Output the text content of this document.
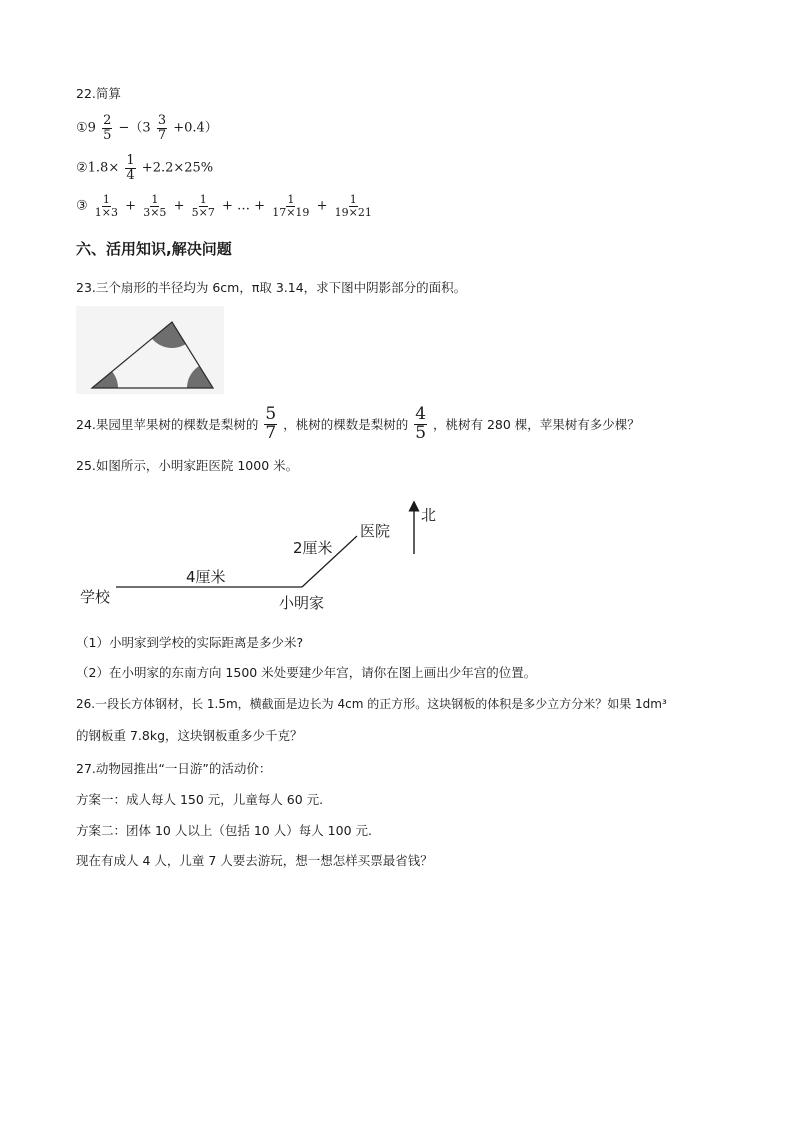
22.简算
①9 $\frac{2}{5} -(3 \frac{3}{7} +0.4)$
②1.8× $\frac{1}{4} +2.2\times 25\%$
③ $\frac{1}{1\times 3} + \frac{1}{3\times 5} + \frac{1}{5\times 7}$ + … + $\frac{1}{17\times 19} + \frac{1}{19\times 21}$
六、活用知识,解决问题
23.三个扇形的半径均为 6cm，π取 3.14，求下图中阴影部分的面积。
24.果园里苹果树的棵数是梨树的 $\frac{5}{7}$ ，桃树的棵数是梨树的 $\frac{4}{5}$ ，桃树有 280 棵，苹果树有多少棵？
25.如图所示，小明家距医院 1000 米。
北
医院
2厘米
4厘米
学校	小明家
（1）小明家到学校的实际距离是多少米?
（2）在小明家的东南方向 1500 米处要建少年宫，请你在图上画出少年宫的位置。
26.一段长方体钢材，长 1.5m，横截面是边长为 4cm 的正方形。这块钢板的体积是多少立方分米？如果 1dm³
的钢板重 7.8kg，这块钢板重多少千克？
27.动物园推出“一日游”的活动价：
方案一：成人每人 150 元，儿童每人 60 元.
方案二：团体 10 人以上（包括 10 人）每人 100 元.
现在有成人 4 人，儿童 7 人要去游玩，想一想怎样买票最省钱？
